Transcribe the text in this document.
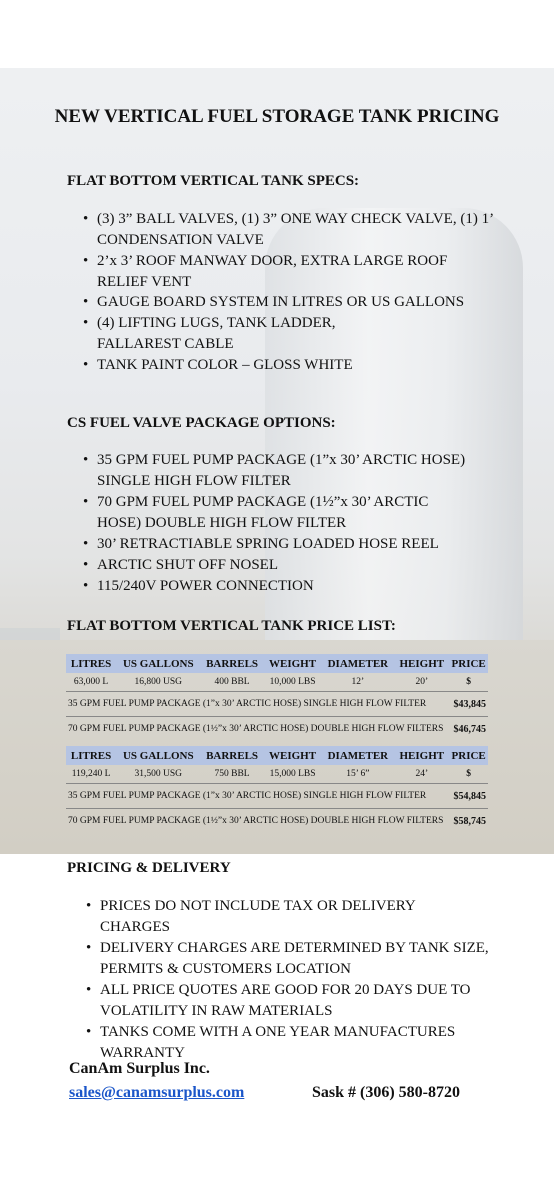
NEW VERTICAL FUEL STORAGE TANK PRICING

FLAT BOTTOM VERTICAL TANK SPECS:

• (3) 3” BALL VALVES, (1) 3” ONE WAY CHECK VALVE, (1) 1’ CONDENSATION VALVE
• 2’x 3’ ROOF MANWAY DOOR, EXTRA LARGE ROOF RELIEF VENT
• GAUGE BOARD SYSTEM IN LITRES OR US GALLONS
• (4) LIFTING LUGS, TANK LADDER, FALLAREST CABLE
• TANK PAINT COLOR – GLOSS WHITE

CS FUEL VALVE PACKAGE OPTIONS:

• 35 GPM FUEL PUMP PACKAGE (1”x 30’ ARCTIC HOSE) SINGLE HIGH FLOW FILTER
• 70 GPM FUEL PUMP PACKAGE (1½”x 30’ ARCTIC HOSE) DOUBLE HIGH FLOW FILTER
• 30’ RETRACTIABLE SPRING LOADED HOSE REEL
• ARCTIC SHUT OFF NOSEL
• 115/240V POWER CONNECTION

FLAT BOTTOM VERTICAL TANK PRICE LIST:

LITRES	US GALLONS	BARRELS	WEIGHT	DIAMETER	HEIGHT	PRICE
63,000 L	16,800 USG	400 BBL	10,000 LBS	12’	20’	$
35 GPM FUEL PUMP PACKAGE (1”x 30’ ARCTIC HOSE) SINGLE HIGH FLOW FILTER						$43,845
70 GPM FUEL PUMP PACKAGE (1½”x 30’ ARCTIC HOSE) DOUBLE HIGH FLOW FILTERS						$46,745
LITRES	US GALLONS	BARRELS	WEIGHT	DIAMETER	HEIGHT	PRICE
119,240 L	31,500 USG	750 BBL	15,000 LBS	15’ 6”	24’	$
35 GPM FUEL PUMP PACKAGE (1”x 30’ ARCTIC HOSE) SINGLE HIGH FLOW FILTER						$54,845
70 GPM FUEL PUMP PACKAGE (1½”x 30’ ARCTIC HOSE) DOUBLE HIGH FLOW FILTERS						$58,745

PRICING & DELIVERY

• PRICES DO NOT INCLUDE TAX OR DELIVERY CHARGES
• DELIVERY CHARGES ARE DETERMINED BY TANK SIZE, PERMITS & CUSTOMERS LOCATION
• ALL PRICE QUOTES ARE GOOD FOR 20 DAYS DUE TO VOLATILITY IN RAW MATERIALS
• TANKS COME WITH A ONE YEAR MANUFACTURES WARRANTY

CanAm Surplus Inc.

sales@canamsurplus.com	Sask # (306) 580-8720
